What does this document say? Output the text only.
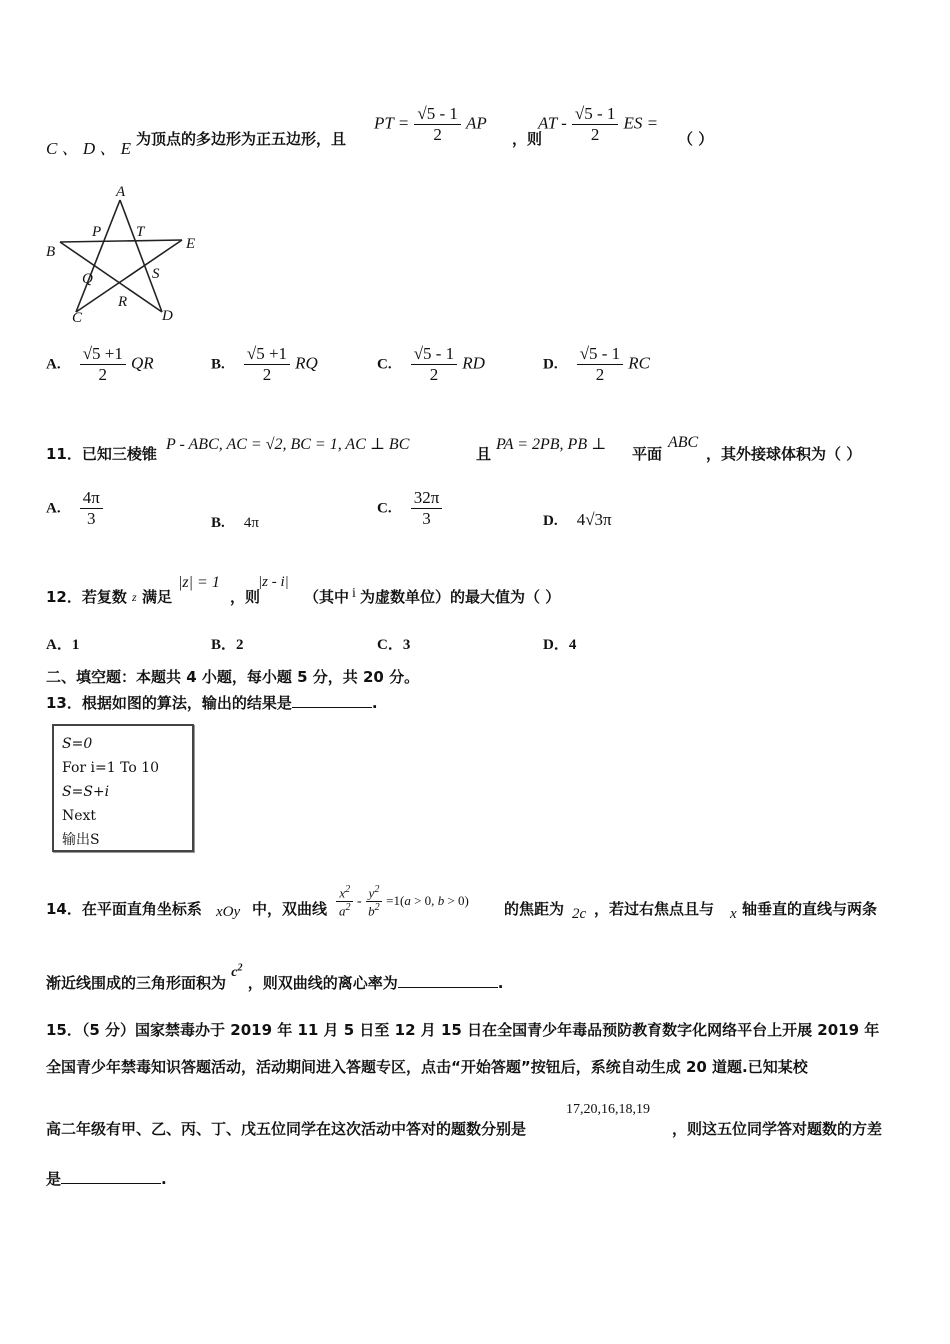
C 、 D 、 E 为顶点的多边形为正五边形，且
PT = $\frac{√5 - 1}{2}$ AP
，则
AT - $\frac{√5 - 1}{2}$ ES =
（ ）
A
P T
B	E
Q	S
R
C	D
A. $\frac{√5 +1}{2}$ QR	B. $\frac{√5 +1}{2}$ RQ	C. $\frac{√5 - 1}{2}$ RD	D. $\frac{√5 - 1}{2}$ RC
11．已知三棱锥
P - ABC, AC = √2, BC = 1, AC ⊥ BC
且
PA = 2PB, PB ⊥
平面
ABC
，其外接球体积为（ ）
A. $\frac{4\pi}{3}$	B. 4π
C. $\frac{32\pi}{3}$	D. 4√3π
12．若复数 z 满足
|z| = 1
，则
|z - i|
（其中 i 为虚数单位）的最大值为（ ）
A．1	B．2	C．3	D．4
二、填空题：本题共 4 小题，每小题 5 分，共 20 分。
13．根据如图的算法，输出的结果是	.
S=0
For i=1 To 10
S=S+i
Next
输出S
14．在平面直角坐标系 xOy 中，双曲线 $\frac{x^2}{a^2} - \frac{y^2}{b^2} =1(a > 0$, b > 0) 的焦距为 2c ，若过右焦点且与 x 轴垂直的直线与两条
渐近线围成的三角形面积为 $c^2$ ，则双曲线的离心率为	.
15．（5 分）国家禁毒办于 2019 年 11 月 5 日至 12 月 15 日在全国青少年毒品预防教育数字化网络平台上开展 2019 年
全国青少年禁毒知识答题活动，活动期间进入答题专区，点击“开始答题”按钮后，系统自动生成 20 道题.已知某校
高二年级有甲、乙、丙、丁、戊五位同学在这次活动中答对的题数分别是
17,20,16,18,19
，则这五位同学答对题数的方差
是	.
